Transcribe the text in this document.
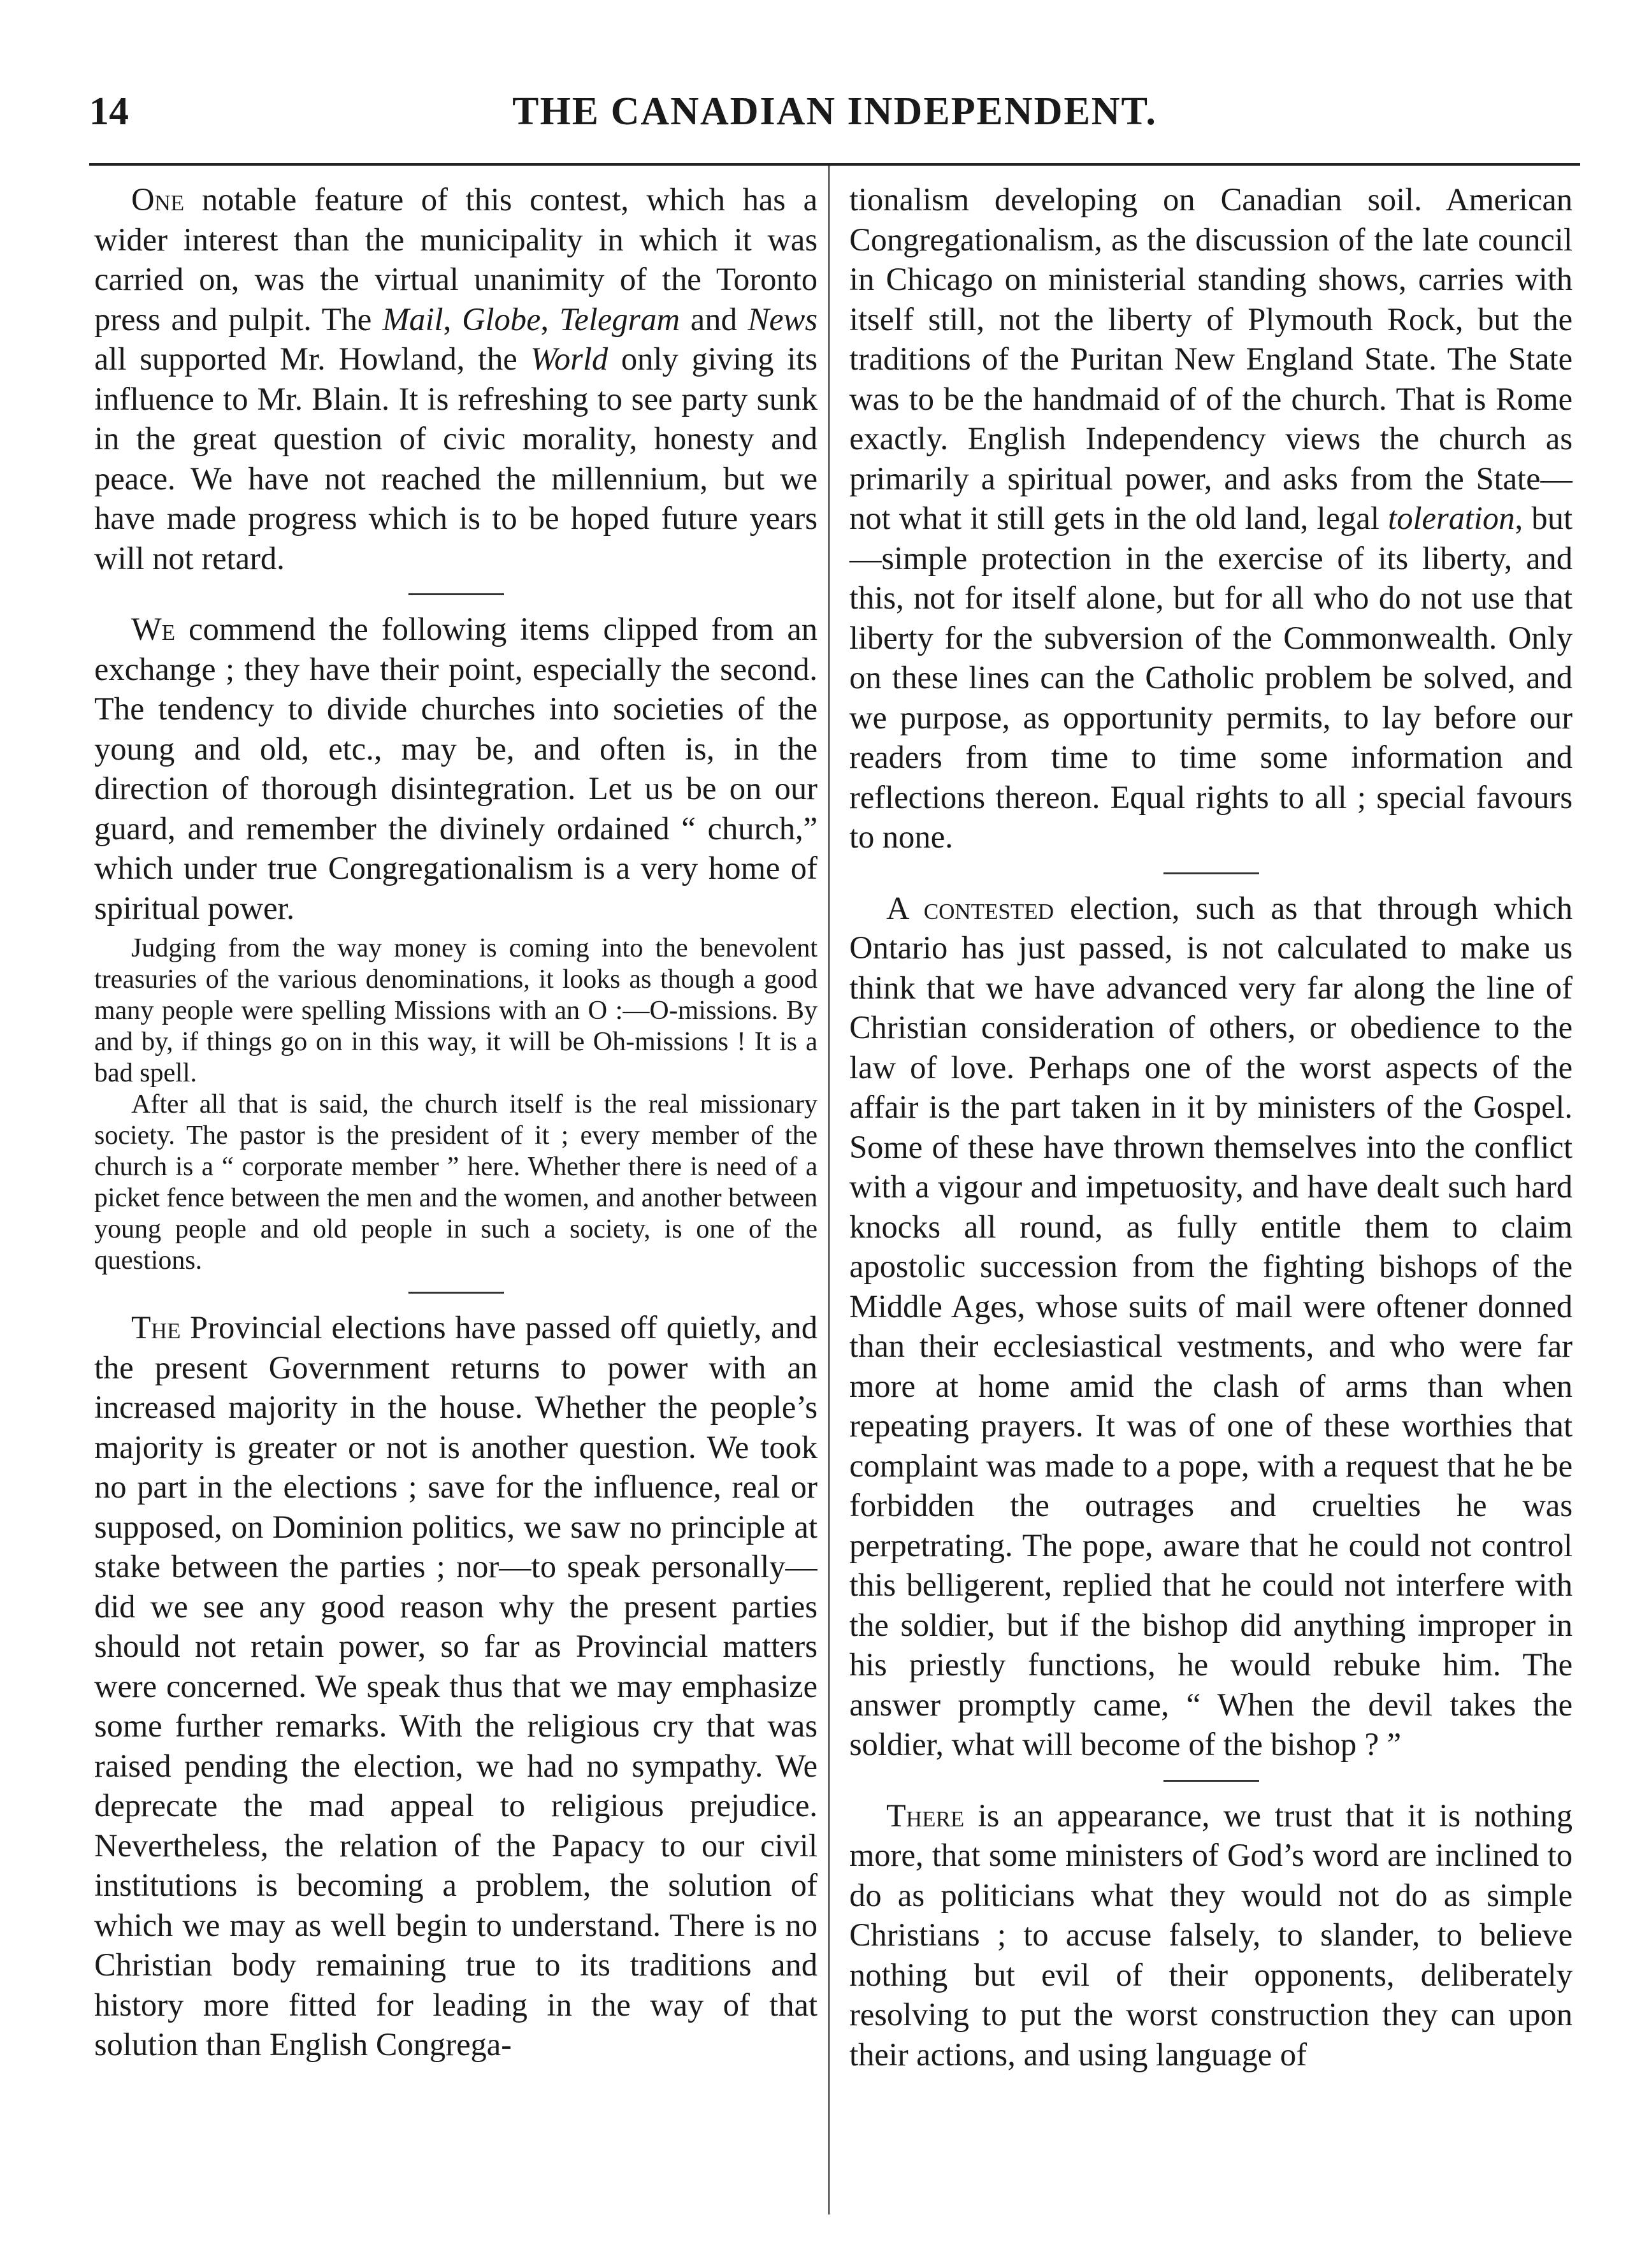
14	THE CANADIAN INDEPENDENT.

One notable feature of this contest, which has a wider interest than the municipality in which it was carried on, was the virtual unanimity of the Toronto press and pulpit. The Mail, Globe, Telegram and News all supported Mr. Howland, the World only giving its influence to Mr. Blain. It is refreshing to see party sunk in the great question of civic morality, honesty and peace. We have not reached the millennium, but we have made progress which is to be hoped future years will not retard.

We commend the following items clipped from an exchange ; they have their point, especially the second. The tendency to divide churches into societies of the young and old, etc., may be, and often is, in the direction of thorough disintegration. Let us be on our guard, and remember the divinely ordained “ church,” which under true Congregationalism is a very home of spiritual power.

Judging from the way money is coming into the benevolent treasuries of the various denominations, it looks as though a good many people were spelling Missions with an O :—O-missions. By and by, if things go on in this way, it will be Oh-missions ! It is a bad spell.

After all that is said, the church itself is the real missionary society. The pastor is the president of it ; every member of the church is a “ corporate member ” here. Whether there is need of a picket fence between the men and the women, and another between young people and old people in such a society, is one of the questions.

The Provincial elections have passed off quietly, and the present Government returns to power with an increased majority in the house. Whether the people’s majority is greater or not is another question. We took no part in the elections ; save for the influence, real or supposed, on Dominion politics, we saw no principle at stake between the parties ; nor—to speak personally—did we see any good reason why the present parties should not retain power, so far as Provincial matters were concerned. We speak thus that we may emphasize some further remarks. With the religious cry that was raised pending the election, we had no sympathy. We deprecate the mad appeal to religious prejudice. Nevertheless, the relation of the Papacy to our civil institutions is becoming a problem, the solution of which we may as well begin to understand. There is no Christian body remaining true to its traditions and history more fitted for leading in the way of that solution than English Congrega-

tionalism developing on Canadian soil. American Congregationalism, as the discussion of the late council in Chicago on ministerial standing shows, carries with itself still, not the liberty of Plymouth Rock, but the traditions of the Puritan New England State. The State was to be the handmaid of of the church. That is Rome exactly. English Independency views the church as primarily a spiritual power, and asks from the State—not what it still gets in the old land, legal toleration, but—simple protection in the exercise of its liberty, and this, not for itself alone, but for all who do not use that liberty for the subversion of the Commonwealth. Only on these lines can the Catholic problem be solved, and we purpose, as opportunity permits, to lay before our readers from time to time some information and reflections thereon. Equal rights to all ; special favours to none.

A contested election, such as that through which Ontario has just passed, is not calculated to make us think that we have advanced very far along the line of Christian consideration of others, or obedience to the law of love. Perhaps one of the worst aspects of the affair is the part taken in it by ministers of the Gospel. Some of these have thrown themselves into the conflict with a vigour and impetuosity, and have dealt such hard knocks all round, as fully entitle them to claim apostolic succession from the fighting bishops of the Middle Ages, whose suits of mail were oftener donned than their ecclesiastical vestments, and who were far more at home amid the clash of arms than when repeating prayers. It was of one of these worthies that complaint was made to a pope, with a request that he be forbidden the outrages and cruelties he was perpetrating. The pope, aware that he could not control this belligerent, replied that he could not interfere with the soldier, but if the bishop did anything improper in his priestly functions, he would rebuke him. The answer promptly came, “ When the devil takes the soldier, what will become of the bishop ? ”

There is an appearance, we trust that it is nothing more, that some ministers of God’s word are inclined to do as politicians what they would not do as simple Christians ; to accuse falsely, to slander, to believe nothing but evil of their opponents, deliberately resolving to put the worst construction they can upon their actions, and using language of
